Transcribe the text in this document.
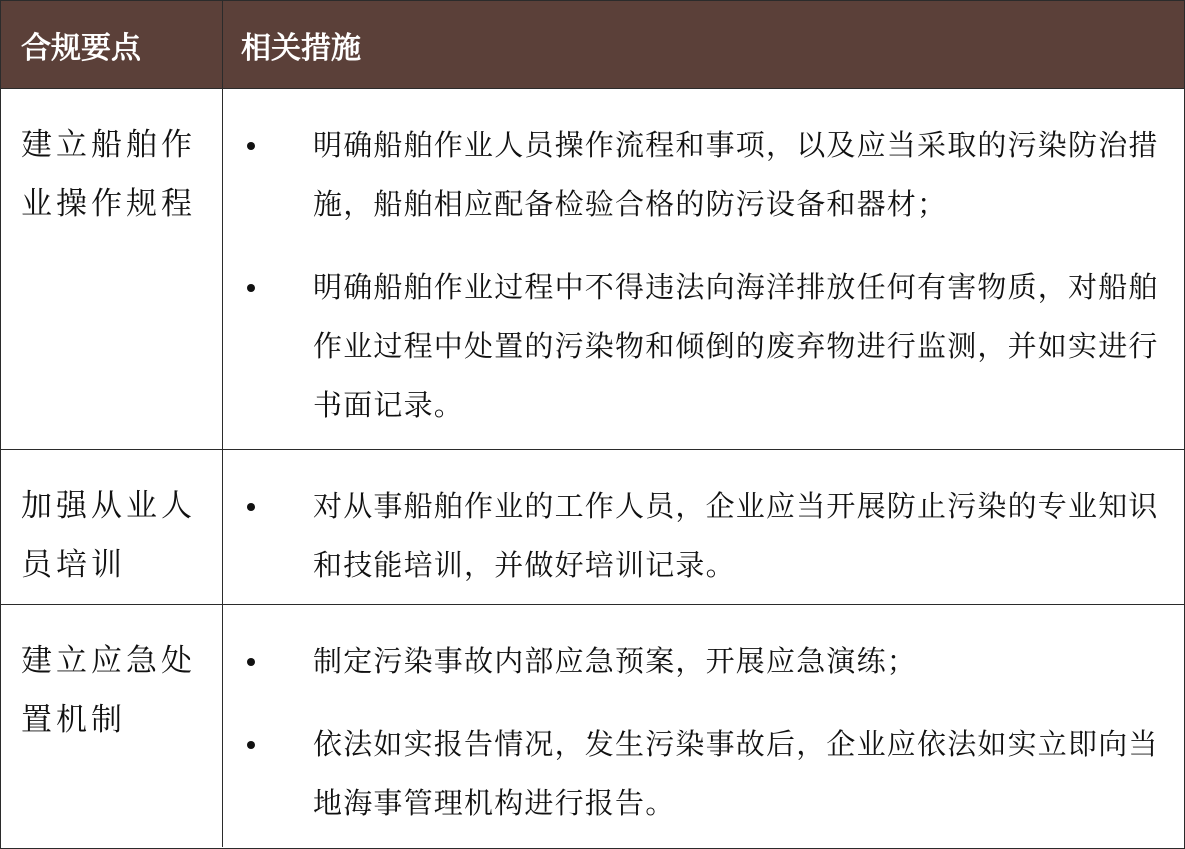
合规要点	相关措施
建立船舶作业操作规程
明确船舶作业人员操作流程和事项，以及应当采取的污染防治措施，船舶相应配备检验合格的防污设备和器材；
明确船舶作业过程中不得违法向海洋排放任何有害物质，对船舶作业过程中处置的污染物和倾倒的废弃物进行监测，并如实进行书面记录。
加强从业人员培训
对从事船舶作业的工作人员，企业应当开展防止污染的专业知识和技能培训，并做好培训记录。
建立应急处置机制
制定污染事故内部应急预案，开展应急演练；
依法如实报告情况，发生污染事故后，企业应依法如实立即向当地海事管理机构进行报告。
